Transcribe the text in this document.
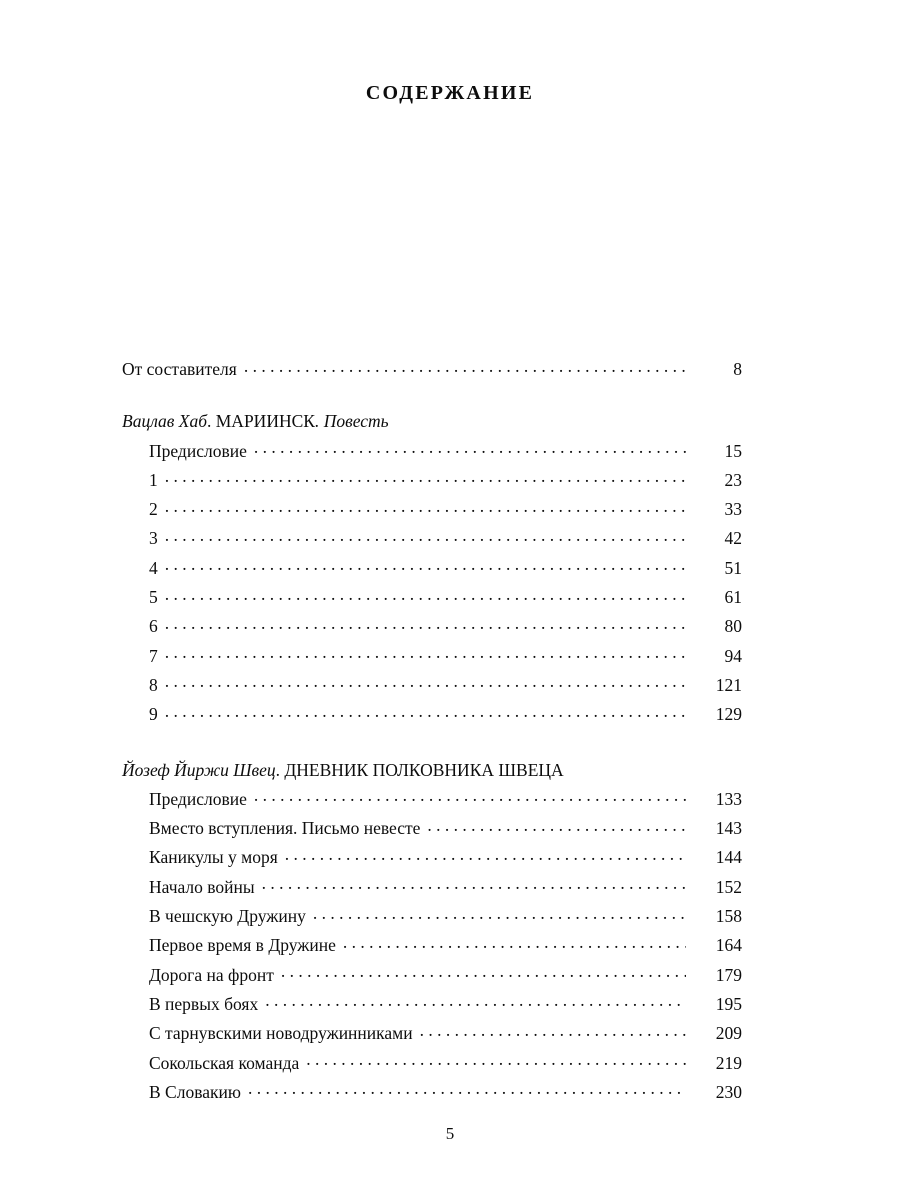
СОДЕРЖАНИЕ
От составителя . . .	8
Вацлав Хаб. МАРИИНСК. Повесть
Предисловие . . .	15
1 . . .	23
2 . . .	33
3 . . .	42
4 . . .	51
5 . . .	61
6 . . .	80
7 . . .	94
8 . . .	121
9 . . .	129
Йозеф Йиржи Швец. ДНЕВНИК ПОЛКОВНИКА ШВЕЦА
Предисловие . . .	133
Вместо вступления. Письмо невесте . . .	143
Каникулы у моря . . .	144
Начало войны . . .	152
В чешскую Дружину . . .	158
Первое время в Дружине . . .	164
Дорога на фронт . . .	179
В первых боях . . .	195
С тарнувскими новодружинниками . . .	209
Сокольская команда . . .	219
В Словакию . . .	230
5
